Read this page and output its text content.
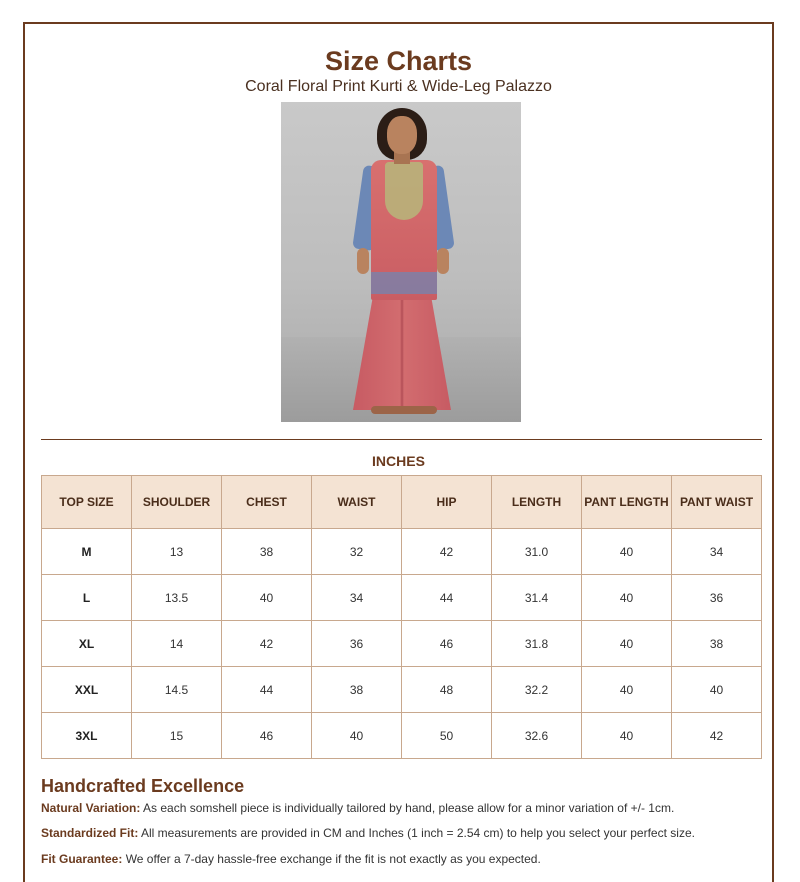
Size Charts
Coral Floral Print Kurti & Wide-Leg Palazzo
INCHES
TOP SIZE	SHOULDER	CHEST	WAIST	HIP	LENGTH	PANT LENGTH	PANT WAIST
M	13	38	32	42	31.0	40	34
L	13.5	40	34	44	31.4	40	36
XL	14	42	36	46	31.8	40	38
XXL	14.5	44	38	48	32.2	40	40
3XL	15	46	40	50	32.6	40	42
Handcrafted Excellence
Natural Variation: As each somshell piece is individually tailored by hand, please allow for a minor variation of +/- 1cm.
Standardized Fit: All measurements are provided in CM and Inches (1 inch = 2.54 cm) to help you select your perfect size.
Fit Guarantee: We offer a 7-day hassle-free exchange if the fit is not exactly as you expected.
